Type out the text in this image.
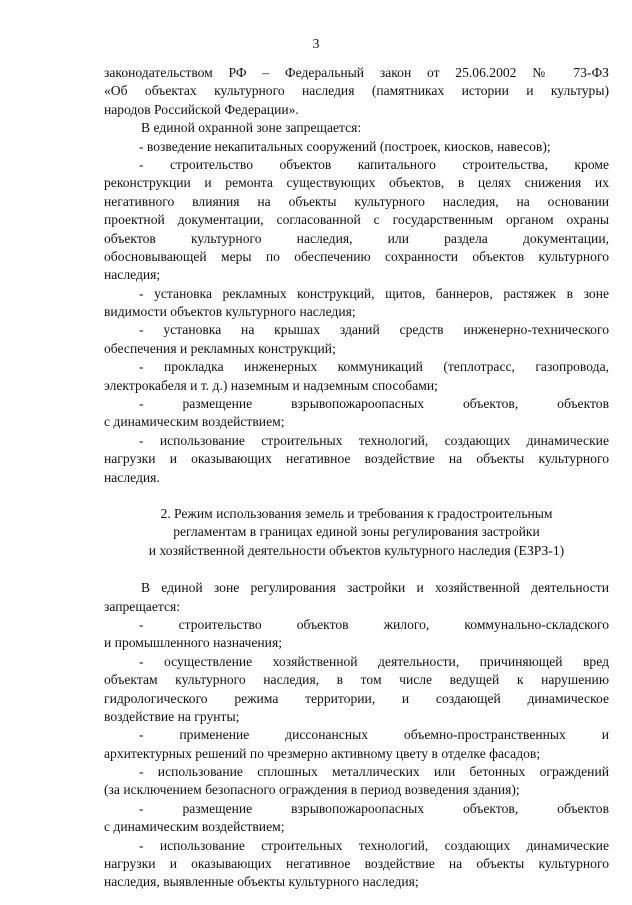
3
законодательством РФ – Федеральный закон от 25.06.2002 № 73-ФЗ
«Об объектах культурного наследия (памятниках истории и культуры)
народов Российской Федерации».
В единой охранной зоне запрещается:
- возведение некапитальных сооружений (построек, киосков, навесов);
- строительство объектов капитального строительства, кроме
реконструкции и ремонта существующих объектов, в целях снижения их
негативного влияния на объекты культурного наследия, на основании
проектной документации, согласованной с государственным органом охраны
объектов культурного наследия, или раздела документации,
обосновывающей меры по обеспечению сохранности объектов культурного
наследия;
- установка рекламных конструкций, щитов, баннеров, растяжек в зоне
видимости объектов культурного наследия;
- установка на крышах зданий средств инженерно-технического
обеспечения и рекламных конструкций;
- прокладка инженерных коммуникаций (теплотрасс, газопровода,
электрокабеля и т. д.) наземным и надземным способами;
- размещение взрывопожароопасных объектов, объектов
с динамическим воздействием;
- использование строительных технологий, создающих динамические
нагрузки и оказывающих негативное воздействие на объекты культурного
наследия.
2. Режим использования земель и требования к градостроительным
регламентам в границах единой зоны регулирования застройки
и хозяйственной деятельности объектов культурного наследия (ЕЗРЗ-1)
В единой зоне регулирования застройки и хозяйственной деятельности
запрещается:
- строительство объектов жилого, коммунально-складского
и промышленного назначения;
- осуществление хозяйственной деятельности, причиняющей вред
объектам культурного наследия, в том числе ведущей к нарушению
гидрологического режима территории, и создающей динамическое
воздействие на грунты;
- применение диссонансных объемно-пространственных и
архитектурных решений по чрезмерно активному цвету в отделке фасадов;
- использование сплошных металлических или бетонных ограждений
(за исключением безопасного ограждения в период возведения здания);
- размещение взрывопожароопасных объектов, объектов
с динамическим воздействием;
- использование строительных технологий, создающих динамические
нагрузки и оказывающих негативное воздействие на объекты культурного
наследия, выявленные объекты культурного наследия;
